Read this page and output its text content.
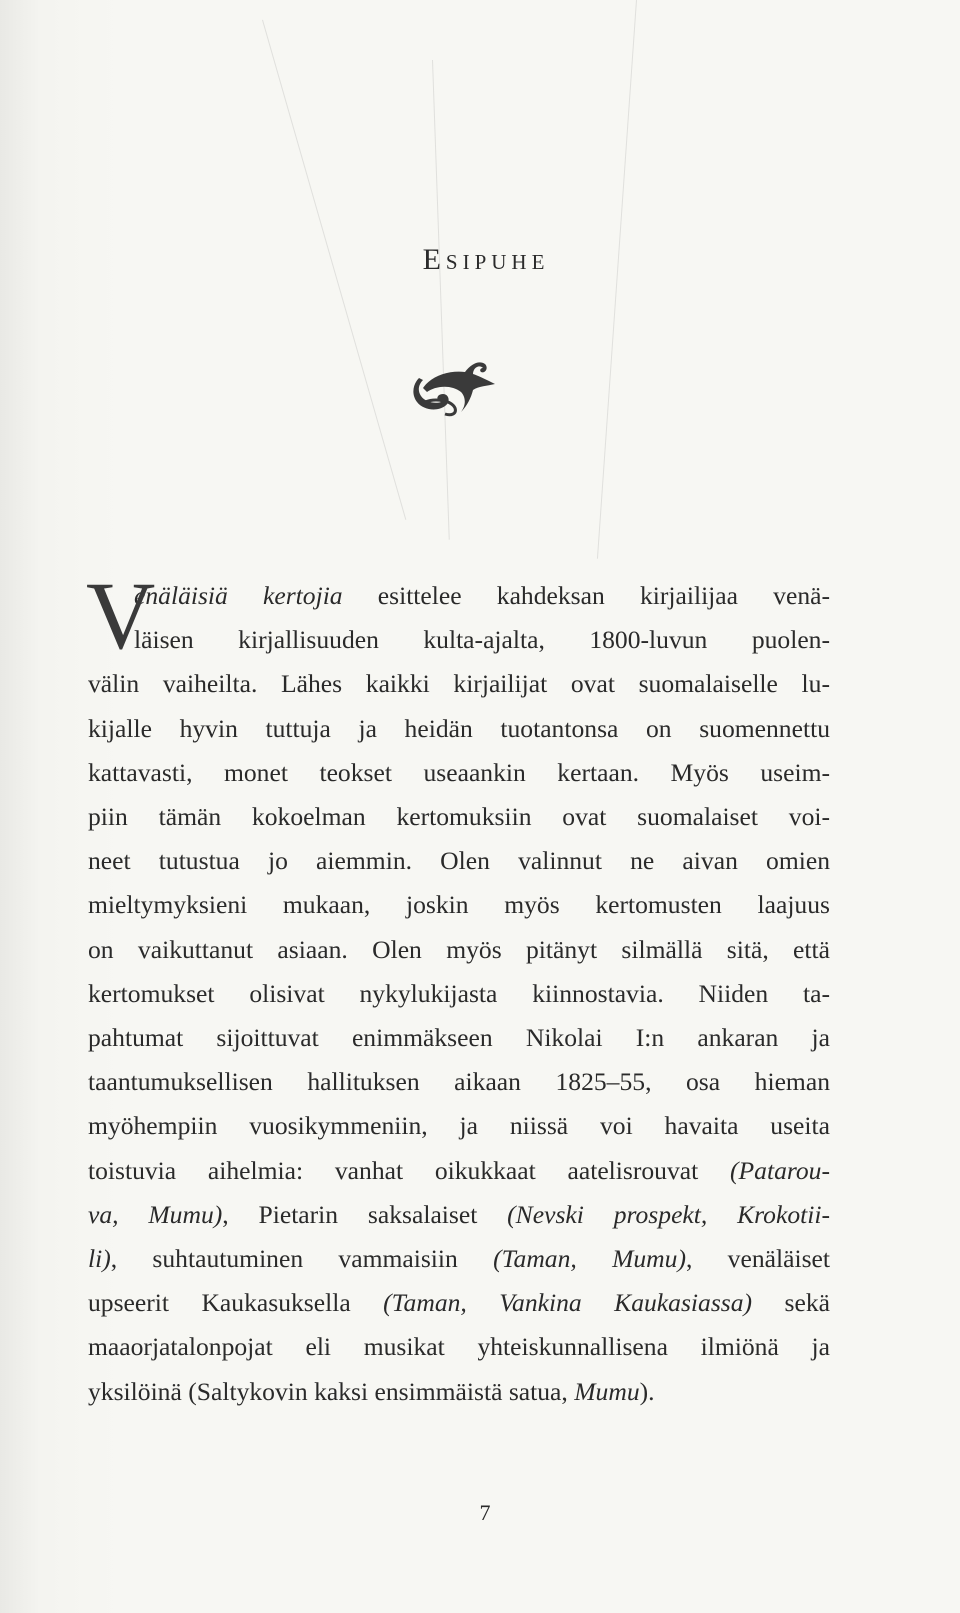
Esipuhe
V
enäläisiä kertojia esittelee kahdeksan kirjailijaa venä-
läisen kirjallisuuden kulta-ajalta, 1800-luvun puolen-
välin vaiheilta. Lähes kaikki kirjailijat ovat suomalaiselle lu-
kijalle hyvin tuttuja ja heidän tuotantonsa on suomennettu
kattavasti, monet teokset useaankin kertaan. Myös useim-
piin tämän kokoelman kertomuksiin ovat suomalaiset voi-
neet tutustua jo aiemmin. Olen valinnut ne aivan omien
mieltymyksieni mukaan, joskin myös kertomusten laajuus
on vaikuttanut asiaan. Olen myös pitänyt silmällä sitä, että
kertomukset olisivat nykylukijasta kiinnostavia. Niiden ta-
pahtumat sijoittuvat enimmäkseen Nikolai I:n ankaran ja
taantumuksellisen hallituksen aikaan 1825–55, osa hieman
myöhempiin vuosikymmeniin, ja niissä voi havaita useita
toistuvia aihelmia: vanhat oikukkaat aatelisrouvat (Patarou-
va, Mumu), Pietarin saksalaiset (Nevski prospekt, Krokotii-
li), suhtautuminen vammaisiin (Taman, Mumu), venäläiset
upseerit Kaukasuksella (Taman, Vankina Kaukasiassa) sekä
maaorjatalonpojat eli musikat yhteiskunnallisena ilmiönä ja
yksilöinä (Saltykovin kaksi ensimmäistä satua, Mumu).
7
